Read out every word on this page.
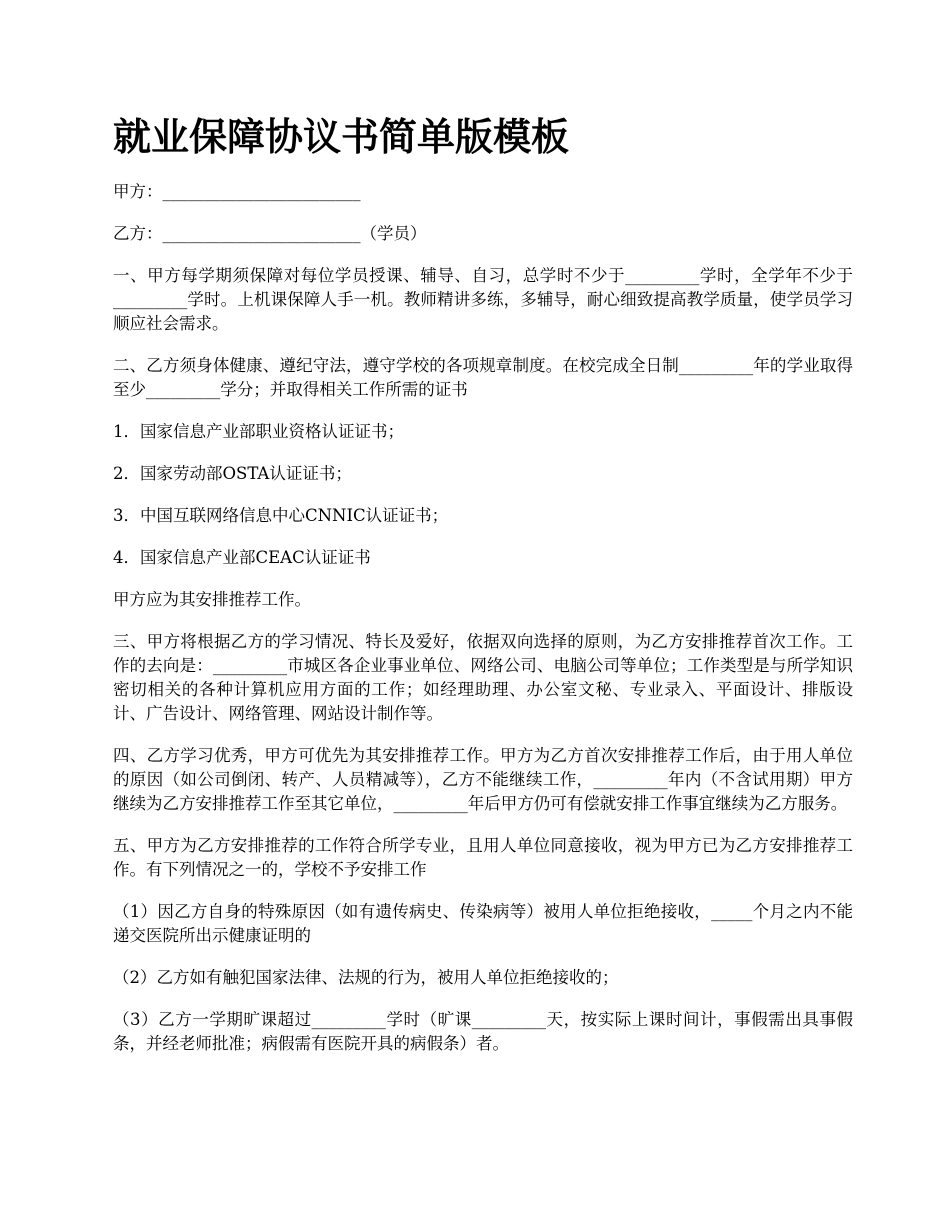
就业保障协议书简单版模板

甲方：________________________

乙方：________________________（学员）

一、甲方每学期须保障对每位学员授课、辅导、自习，总学时不少于_________学时，全学年不少于_________学时。上机课保障人手一机。教师精讲多练，多辅导，耐心细致提高教学质量，使学员学习顺应社会需求。

二、乙方须身体健康、遵纪守法，遵守学校的各项规章制度。在校完成全日制_________年的学业取得至少_________学分；并取得相关工作所需的证书

1．国家信息产业部职业资格认证证书；

2．国家劳动部OSTA认证证书；

3．中国互联网络信息中心CNNIC认证证书；

4．国家信息产业部CEAC认证证书

甲方应为其安排推荐工作。

三、甲方将根据乙方的学习情况、特长及爱好，依据双向选择的原则，为乙方安排推荐首次工作。工作的去向是：_________市城区各企业事业单位、网络公司、电脑公司等单位；工作类型是与所学知识密切相关的各种计算机应用方面的工作；如经理助理、办公室文秘、专业录入、平面设计、排版设计、广告设计、网络管理、网站设计制作等。

四、乙方学习优秀，甲方可优先为其安排推荐工作。甲方为乙方首次安排推荐工作后，由于用人单位的原因（如公司倒闭、转产、人员精减等），乙方不能继续工作，_________年内（不含试用期）甲方继续为乙方安排推荐工作至其它单位，_________年后甲方仍可有偿就安排工作事宜继续为乙方服务。

五、甲方为乙方安排推荐的工作符合所学专业，且用人单位同意接收，视为甲方已为乙方安排推荐工作。有下列情况之一的，学校不予安排工作

（1）因乙方自身的特殊原因（如有遗传病史、传染病等）被用人单位拒绝接收，_____个月之内不能递交医院所出示健康证明的

（2）乙方如有触犯国家法律、法规的行为，被用人单位拒绝接收的；

（3）乙方一学期旷课超过_________学时（旷课_________天，按实际上课时间计，事假需出具事假条，并经老师批准；病假需有医院开具的病假条）者。
